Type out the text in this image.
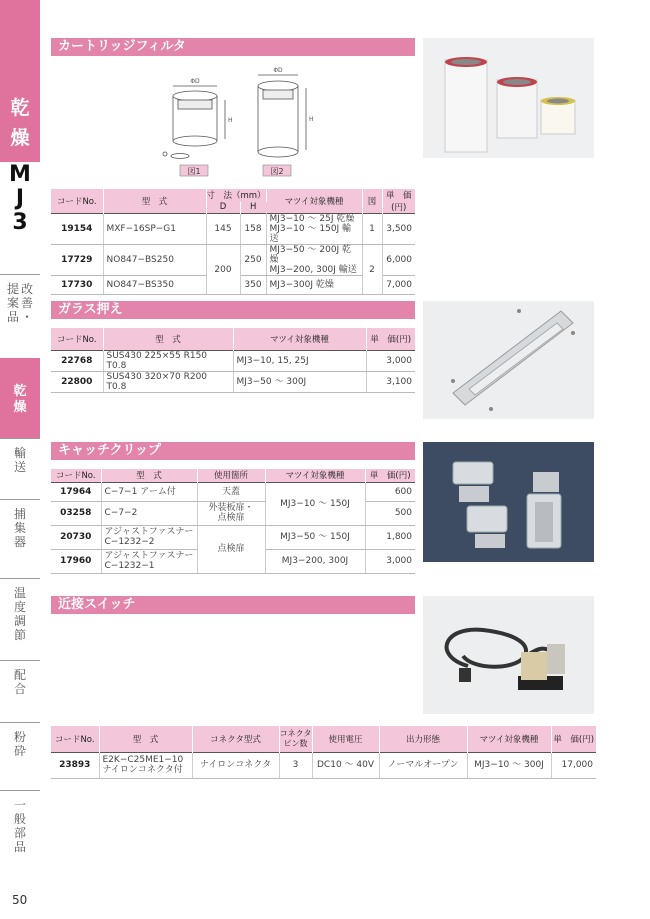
乾
燥
M
J
3
改
善
・
提
案
品
乾
燥
輸
送
捕
集
器
温
度
調
節
配
合
粉
砕
一
般
部
品
50
カートリッジフィルタ
ΦD
H
ΦD
H
図1	図2
コードNo.	型　式	寸　法（mm）		マツイ対象機種	図	単　価(円)
		D	H			
19154	MXF−16SP−G1	145	158	MJ3−10 〜 25J 乾燥
MJ3−10 〜 150J 輸送	1	3,500
17729	NO847−BS250	200	250	MJ3−50 〜 200J 乾燥
MJ3−200, 300J 輸送	2	6,000
17730	NO847−BS350		350	MJ3−300J 乾燥		7,000
ガラス押え
コードNo.	型　式	マツイ対象機種	単　価(円)
22768	SUS430 225×55 R150 T0.8	MJ3−10, 15, 25J	3,000
22800	SUS430 320×70 R200 T0.8	MJ3−50 〜 300J	3,100
キャッチクリップ
コードNo.	型　式	使用箇所	マツイ対象機種	単　価(円)
17964	C−7−1 アーム付	天蓋	MJ3−10 〜 150J	600
03258	C−7−2	外装板扉・
点検扉		500
20730	アジャストファスナー
C−1232−2	点検扉	MJ3−50 〜 150J	1,800
17960	アジャストファスナー
C−1232−1		MJ3−200, 300J	3,000
近接スイッチ
コードNo.	型　式	コネクタ型式	コネクタ
ピン数	使用電圧	出力形態	マツイ対象機種	単　価(円)
23893	E2K−C25ME1−10
ナイロンコネクタ付	ナイロンコネクタ	3	DC10 〜 40V	ノーマルオープン	MJ3−10 〜 300J	17,000
